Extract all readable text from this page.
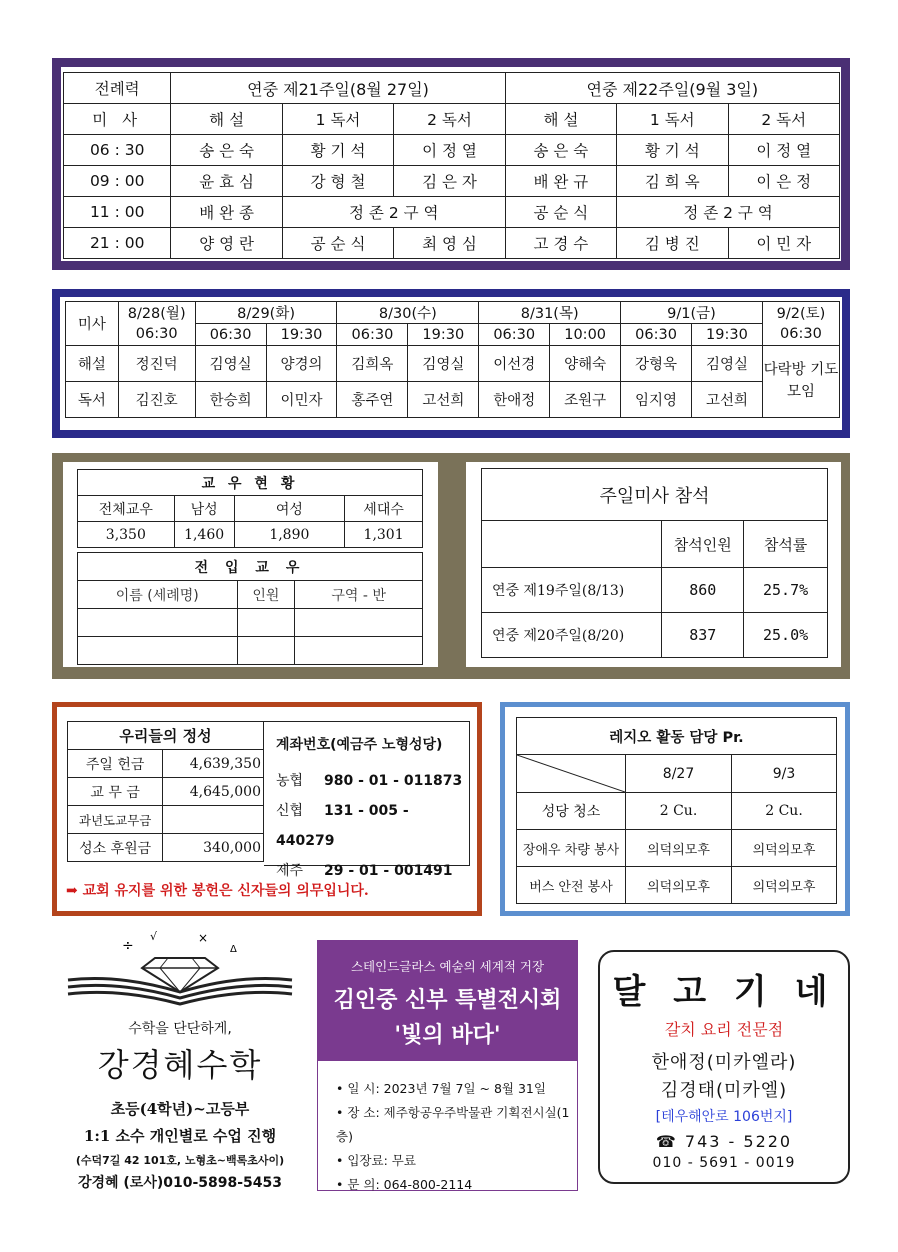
전례력	연중 제21주일(8월 27일)			연중 제22주일(9월 3일)		
미 사	해 설	1 독서	2 독서	해 설	1 독서	2 독서
06 : 30	송 은 숙	황 기 석	이 정 열	송 은 숙	황 기 석	이 정 열
09 : 00	윤 효 심	강 형 철	김 은 자	배 완 규	김 희 옥	이 은 정
11 : 00	배 완 종	정 존 2 구 역		공 순 식	정 존 2 구 역	
21 : 00	양 영 란	공 순 식	최 영 심	고 경 수	김 병 진	이 민 자
미사	8/28(월)	8/29(화)		8/30(수)		8/31(목)		9/1(금)		9/2(토)
	06:30	06:30	19:30	06:30	19:30	06:30	10:00	06:30	19:30	06:30
해설	정진덕	김영실	양경의	김희옥	김영실	이선경	양해숙	강형욱	김영실	다락방 기도모임
독서	김진호	한승희	이민자	홍주연	고선희	한애정	조원구	임지영	고선희	
교 우 현 황			
전체교우	남성	여성	세대수
3,350	1,460	1,890	1,301
전 입 교 우		
이름 (세례명)	인원	구역 - 반

주일미사 참석		
	참석인원	참석률
연중 제19주일(8/13)	860	25.7%
연중 제20주일(8/20)	837	25.0%
우리들의 정성	
주일 헌금	4,639,350
교 무 금	4,645,000
과년도교무금	
성소 후원금	340,000
계좌번호(예금주 노형성당)
농협 980 - 01 - 011873
신협 131 - 005 - 440279
제주 29 - 01 - 001491
➡ 교회 유지를 위한 봉헌은 신자들의 의무입니다.
레지오 활동 담당 Pr.		

	8/27	9/3
성당 청소	2 Cu.	2 Cu.
장애우 차량 봉사	의덕의모후	의덕의모후
버스 안전 봉사	의덕의모후	의덕의모후
÷
√	×
Δ
수학을 단단하게,
강경혜수학
초등(4학년)~고등부
1:1 소수 개인별로 수업 진행
(수덕7길 42 101호, 노형초~백록초사이)
강경혜 (로사)010-5898-5453
스테인드글라스 예술의 세계적 거장
김인중 신부 특별전시회
'빛의 바다'
• 일 시: 2023년 7월 7일 ~ 8월 31일
• 장 소: 제주항공우주박물관 기획전시실(1층)
• 입장료: 무료
• 문 의: 064-800-2114
달 고 기 네
갈치 요리 전문점
한애정(미카엘라)
김경태(미카엘)
[테우해안로 106번지]
☎ 743 - 5220
010 - 5691 - 0019
